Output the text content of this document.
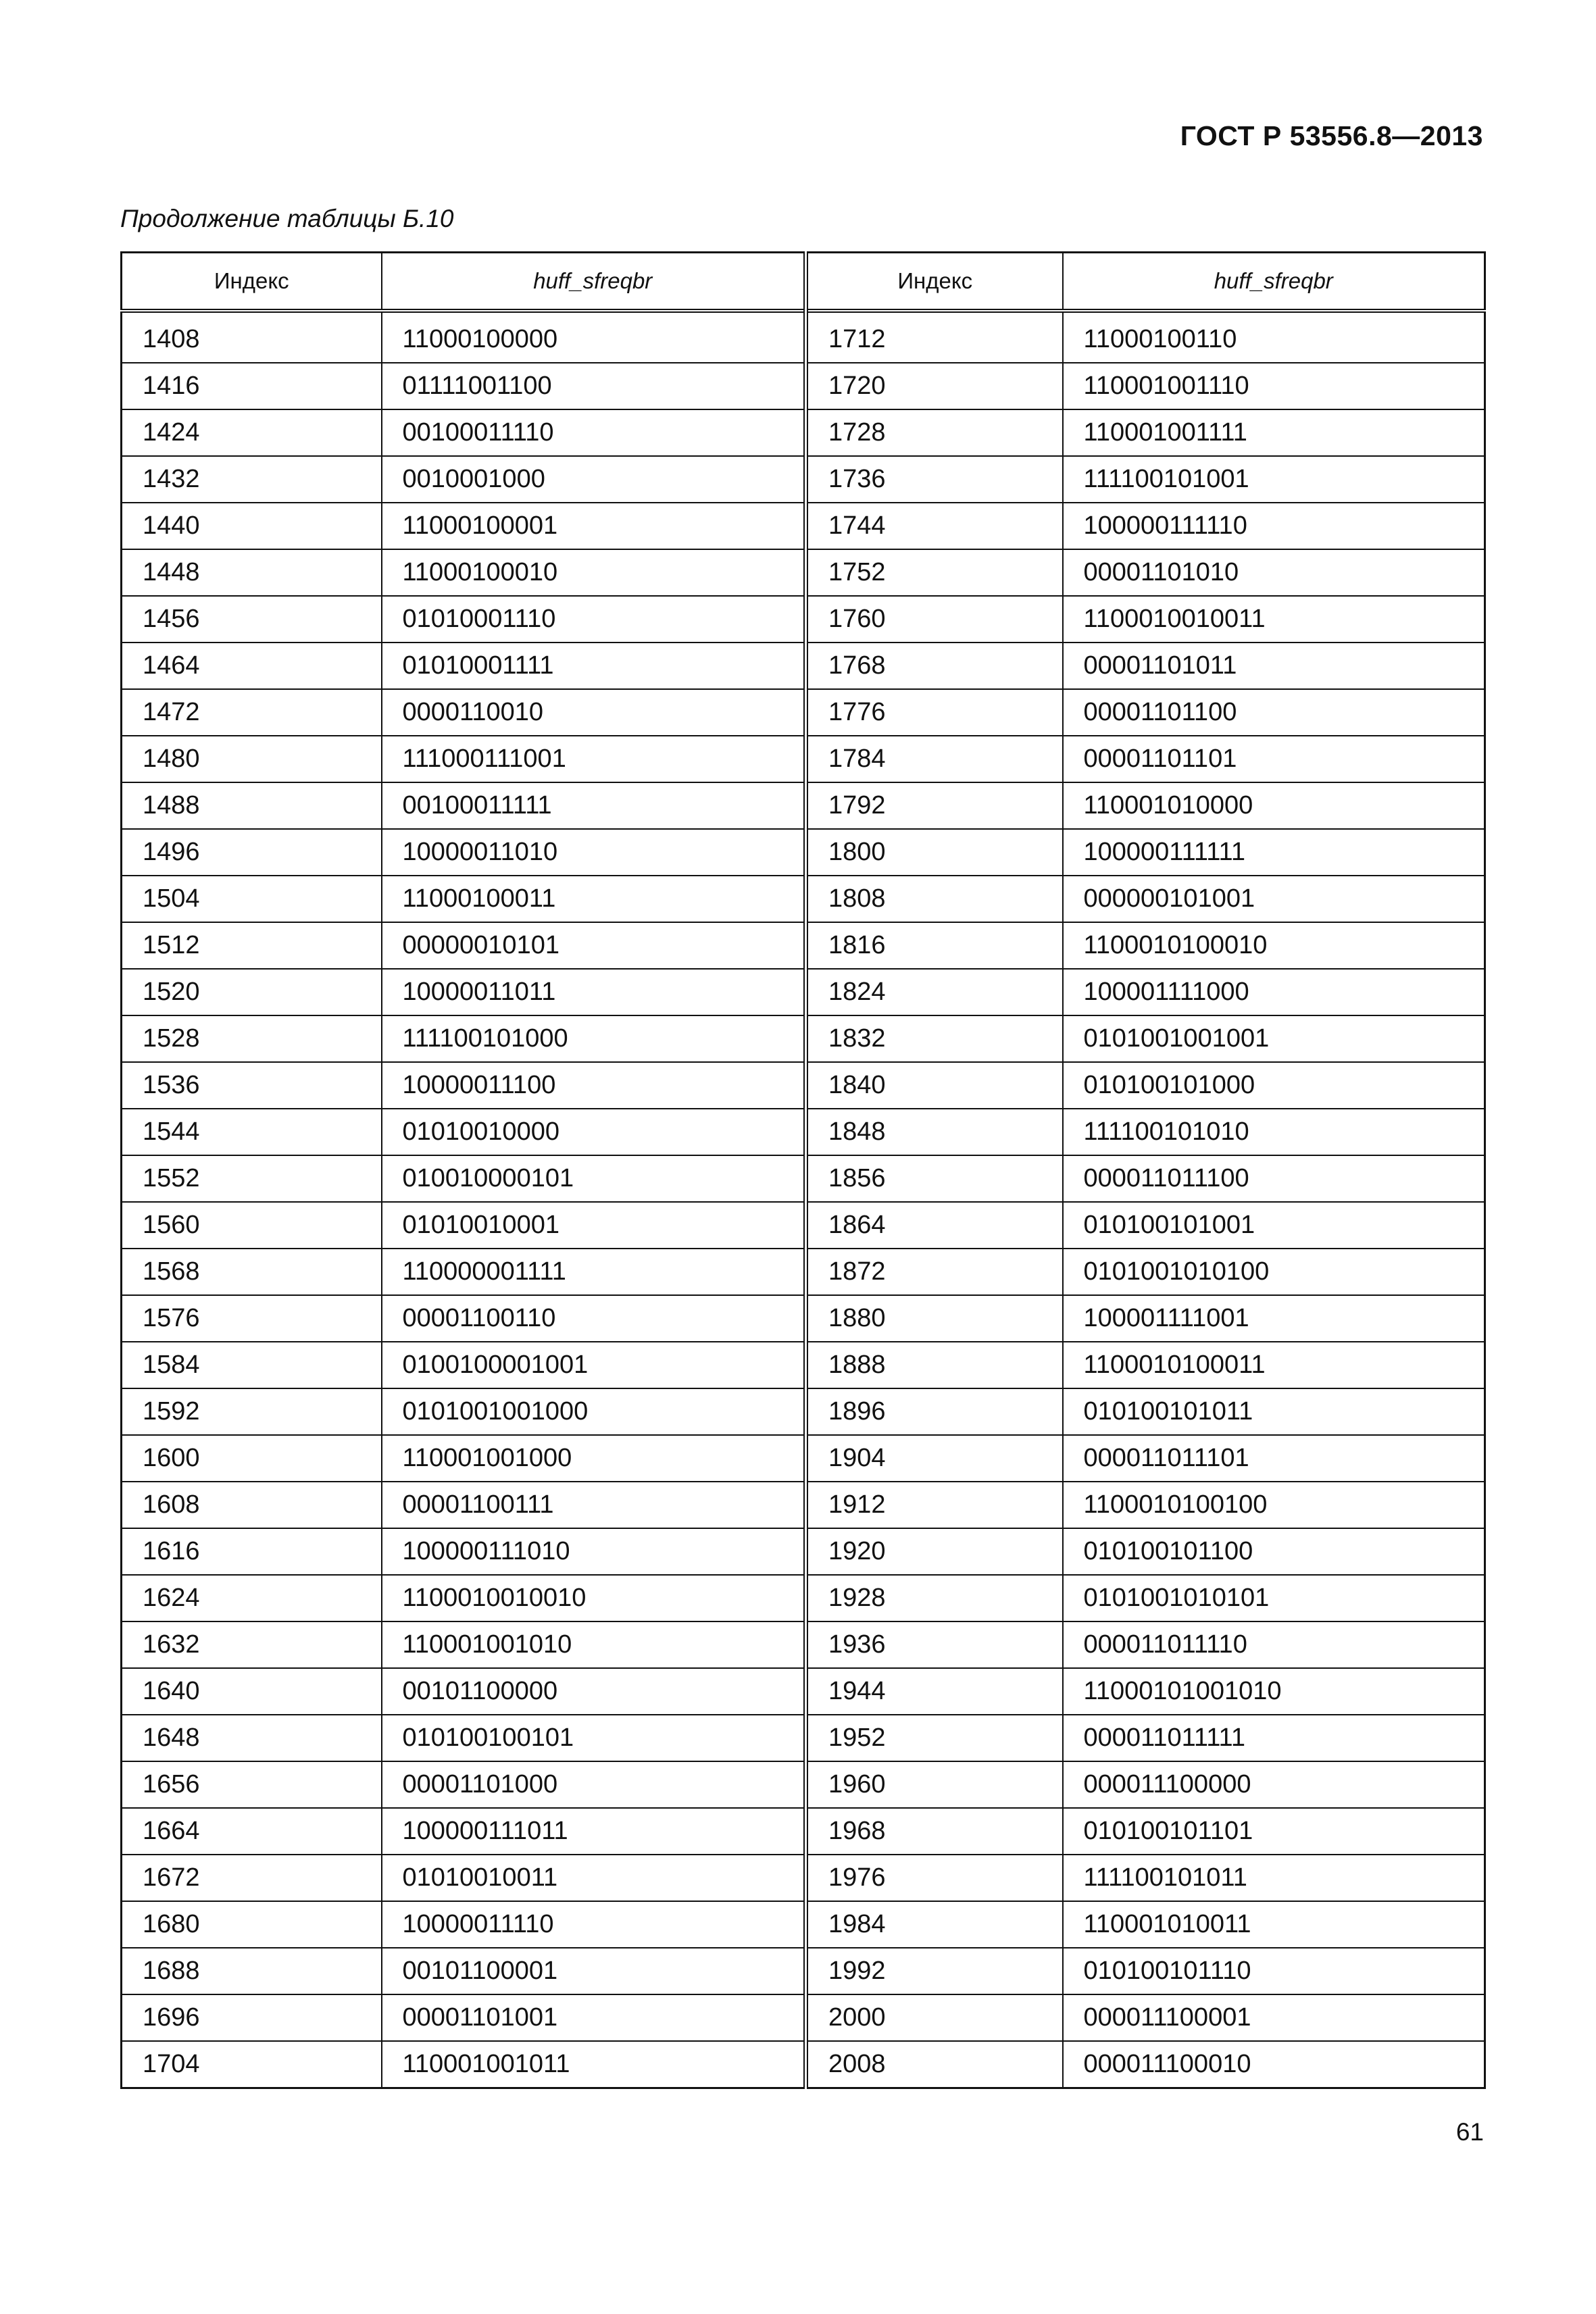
ГОСТ Р 53556.8—2013
Продолжение таблицы Б.10
Индекс	huff_sfreqbr	Индекс	huff_sfreqbr
1408	11000100000	1712	11000100110
1416	01111001100	1720	110001001110
1424	00100011110	1728	110001001111
1432	0010001000	1736	111100101001
1440	11000100001	1744	100000111110
1448	11000100010	1752	00001101010
1456	01010001110	1760	1100010010011
1464	01010001111	1768	00001101011
1472	0000110010	1776	00001101100
1480	111000111001	1784	00001101101
1488	00100011111	1792	110001010000
1496	10000011010	1800	100000111111
1504	11000100011	1808	000000101001
1512	00000010101	1816	1100010100010
1520	10000011011	1824	100001111000
1528	111100101000	1832	0101001001001
1536	10000011100	1840	010100101000
1544	01010010000	1848	111100101010
1552	010010000101	1856	000011011100
1560	01010010001	1864	010100101001
1568	110000001111	1872	0101001010100
1576	00001100110	1880	100001111001
1584	0100100001001	1888	1100010100011
1592	0101001001000	1896	010100101011
1600	110001001000	1904	000011011101
1608	00001100111	1912	1100010100100
1616	100000111010	1920	010100101100
1624	1100010010010	1928	0101001010101
1632	110001001010	1936	000011011110
1640	00101100000	1944	11000101001010
1648	010100100101	1952	000011011111
1656	00001101000	1960	000011100000
1664	100000111011	1968	010100101101
1672	01010010011	1976	111100101011
1680	10000011110	1984	110001010011
1688	00101100001	1992	010100101110
1696	00001101001	2000	000011100001
1704	110001001011	2008	000011100010
61
